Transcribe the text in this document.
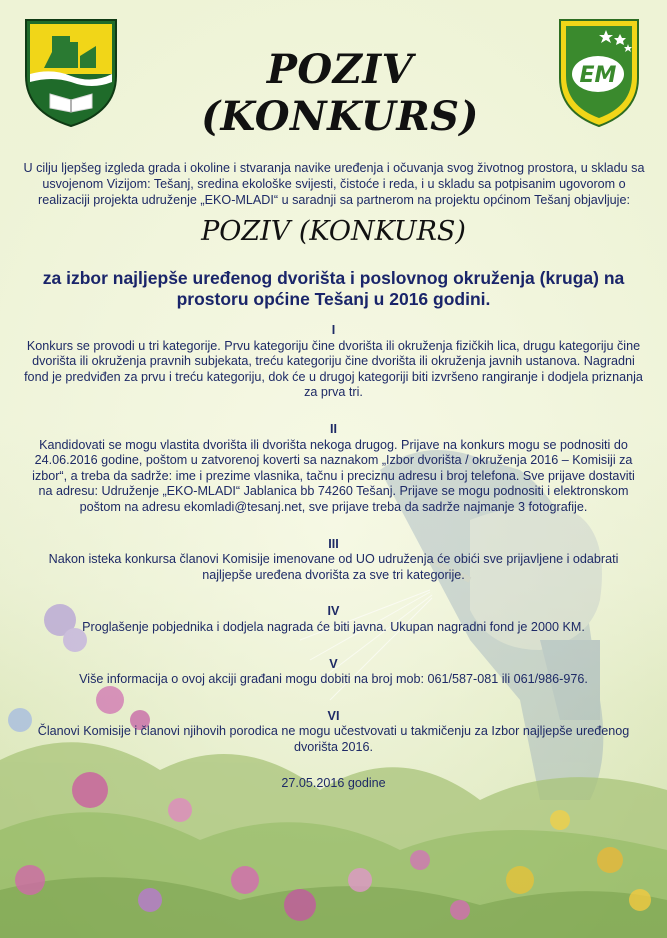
POZIV (KONKURS)
EM

U cilju ljepšeg izgleda grada i okoline i stvaranja navike uređenja i očuvanja svog životnog prostora, u skladu sa usvojenom Vizijom: Tešanj, sredina ekološke svijesti, čistoće i reda, i u skladu sa potpisanim ugovorom o realizaciji projekta udruženje „EKO-MLADI“ u saradnji sa partnerom na projektu općinom Tešanj objavljuje:

POZIV (KONKURS)
za izbor najljepše uređenog dvorišta i poslovnog okruženja (kruga) na prostoru općine Tešanj u 2016 godini.

I

Konkurs se provodi u tri kategorije. Prvu kategoriju čine dvorišta ili okruženja fizičkih lica, drugu kategoriju čine dvorišta ili okruženja pravnih subjekata, treću kategoriju čine dvorišta ili okruženja javnih ustanova. Nagradni fond je predviđen za prvu i treću kategoriju, dok će u drugoj kategoriji biti izvršeno rangiranje i dodjela priznanja za prva tri.

II

Kandidovati se mogu vlastita dvorišta ili dvorišta nekoga drugog. Prijave na konkurs mogu se podnositi do 24.06.2016 godine, poštom u zatvorenoj koverti sa naznakom „Izbor dvorišta / okruženja 2016 – Komisiji za izbor“, a treba da sadrže: ime i prezime vlasnika, tačnu i preciznu adresu i broj telefona. Sve prijave dostaviti na adresu: Udruženje „EKO-MLADI“ Jablanica bb 74260 Tešanj. Prijave se mogu podnositi i elektronskom poštom na adresu ekomladi@tesanj.net, sve prijave treba da sadrže najmanje 3 fotografije.

III

Nakon isteka konkursa članovi Komisije imenovane od UO udruženja će obići sve prijavljene i odabrati najljepše uređena dvorišta za sve tri kategorije.

IV

Proglašenje pobjednika i dodjela nagrada će biti javna. Ukupan nagradni fond je 2000 KM.

V

Više informacija o ovoj akciji građani mogu dobiti na broj mob: 061/587-081 ili 061/986-976.

VI

Članovi Komisije i članovi njihovih porodica ne mogu učestvovati u takmičenju za Izbor najljepše uređenog dvorišta 2016.

27.05.2016 godine
